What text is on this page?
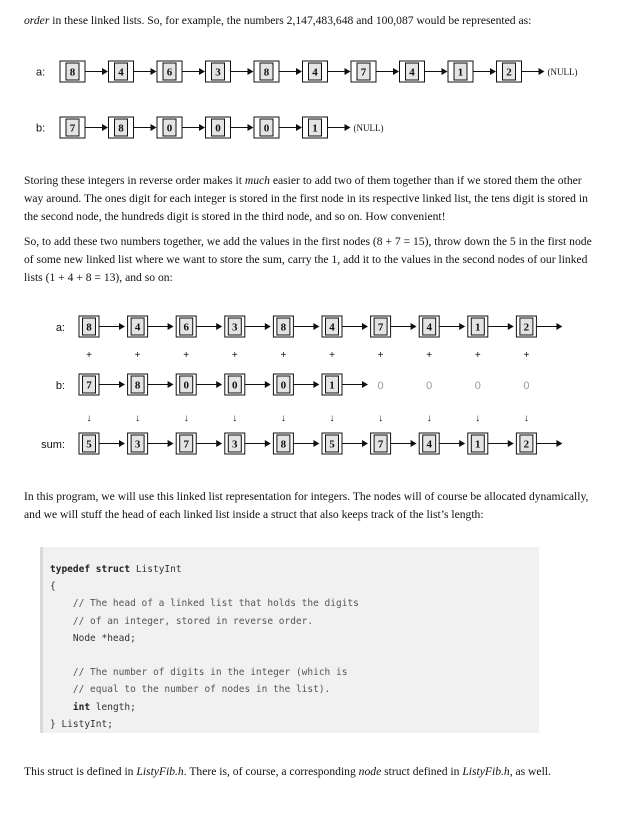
order in these linked lists. So, for example, the numbers 2,147,483,648 and 100,087 would be represented as:

a: 8	4	6	3	8	4	7	4	1	2	(NULL)
b: 7	8	0	0	0	1	(NULL)

Storing these integers in reverse order makes it much easier to add two of them together than if we stored them the other way around. The ones digit for each integer is stored in the first node in its respective linked list, the tens digit is stored in the second node, the hundreds digit is stored in the third node, and so on. How convenient!

So, to add these two numbers together, we add the values in the first nodes (8 + 7 = 15), throw down the 5 in the first node of some new linked list where we want to store the sum, carry the 1, add it to the values in the second nodes of our linked lists (1 + 4 + 8 = 13), and so on:

a: 8	4	6	3	8	4	7	4	1	2
+	+	+	+	+	+	+	+	+	+
b: 7	8	0	0	0	1	0	0	0	0
↓	↓	↓	↓	↓	↓	↓	↓	↓	↓
sum: 5	3	7	3	8	5	7	4	1	2

In this program, we will use this linked list representation for integers. The nodes will of course be allocated dynamically, and we will stuff the head of each linked list inside a struct that also keeps track of the list’s length:

typedef struct ListyInt
{
// The head of a linked list that holds the digits
// of an integer, stored in reverse order.
Node *head;

// The number of digits in the integer (which is
// equal to the number of nodes in the list).
int length;
} ListyInt;

This struct is defined in ListyFib.h. There is, of course, a corresponding node struct defined in ListyFib.h, as well.
